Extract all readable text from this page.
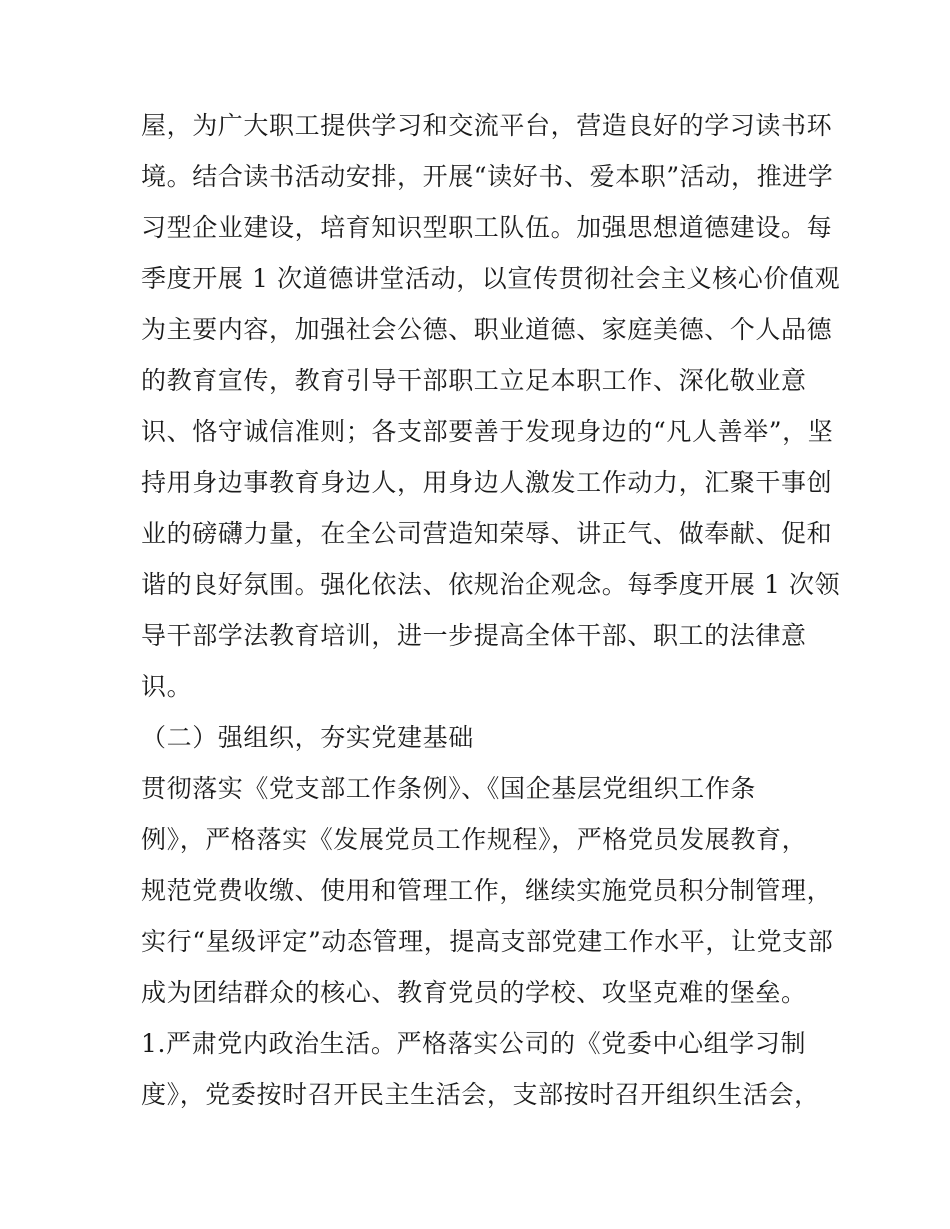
屋，为广大职工提供学习和交流平台，营造良好的学习读书环
境。结合读书活动安排，开展“读好书、爱本职”活动，推进学
习型企业建设，培育知识型职工队伍。加强思想道德建设。每
季度开展 1 次道德讲堂活动，以宣传贯彻社会主义核心价值观
为主要内容，加强社会公德、职业道德、家庭美德、个人品德
的教育宣传，教育引导干部职工立足本职工作、深化敬业意
识、恪守诚信准则；各支部要善于发现身边的“凡人善举”，坚
持用身边事教育身边人，用身边人激发工作动力，汇聚干事创
业的磅礴力量，在全公司营造知荣辱、讲正气、做奉献、促和
谐的良好氛围。强化依法、依规治企观念。每季度开展 1 次领
导干部学法教育培训，进一步提高全体干部、职工的法律意
识。
（二）强组织，夯实党建基础
贯彻落实《党支部工作条例》、《国企基层党组织工作条
例》，严格落实《发展党员工作规程》，严格党员发展教育，
规范党费收缴、使用和管理工作，继续实施党员积分制管理，
实行“星级评定”动态管理，提高支部党建工作水平，让党支部
成为团结群众的核心、教育党员的学校、攻坚克难的堡垒。
1.严肃党内政治生活。严格落实公司的《党委中心组学习制
度》，党委按时召开民主生活会，支部按时召开组织生活会，
